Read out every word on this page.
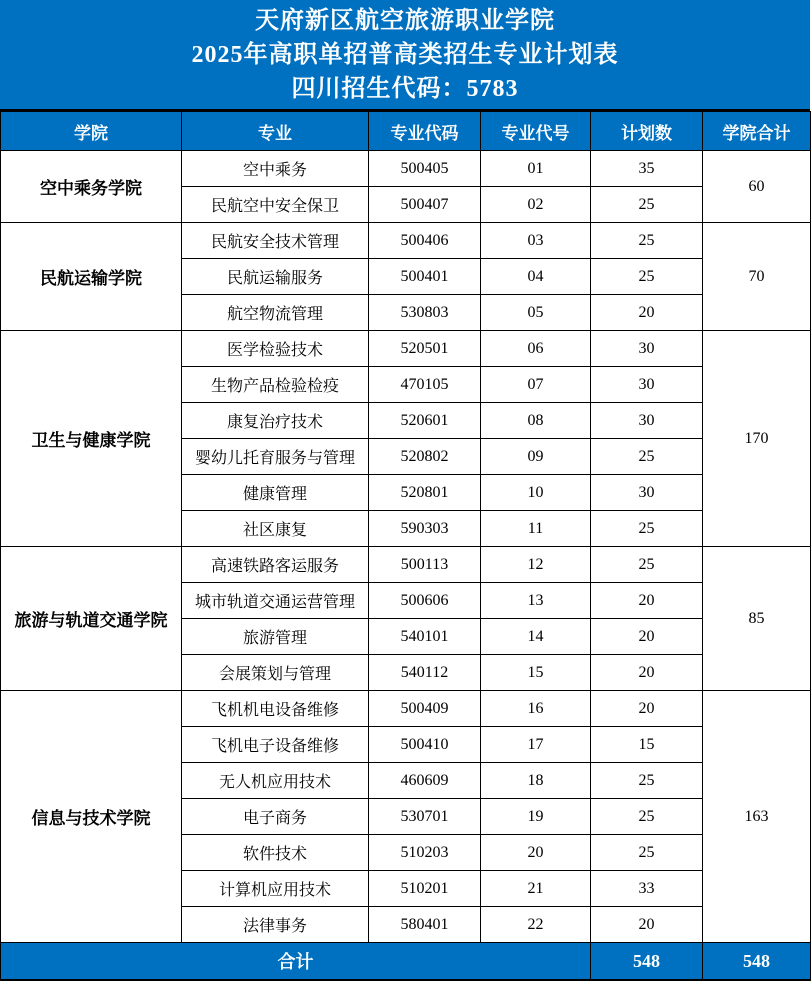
天府新区航空旅游职业学院
2025年高职单招普高类招生专业计划表
四川招生代码：5783
学院	专业	专业代码	专业代号	计划数	学院合计
空中乘务学院	空中乘务	500405	01	35	60
	民航空中安全保卫	500407	02	25	
民航运输学院	民航安全技术管理	500406	03	25	70
	民航运输服务	500401	04	25	
	航空物流管理	530803	05	20	
卫生与健康学院	医学检验技术	520501	06	30	170
	生物产品检验检疫	470105	07	30	
	康复治疗技术	520601	08	30	
	婴幼儿托育服务与管理	520802	09	25	
	健康管理	520801	10	30	
	社区康复	590303	11	25	
旅游与轨道交通学院	高速铁路客运服务	500113	12	25	85
	城市轨道交通运营管理	500606	13	20	
	旅游管理	540101	14	20	
	会展策划与管理	540112	15	20	
信息与技术学院	飞机机电设备维修	500409	16	20	163
	飞机电子设备维修	500410	17	15	
	无人机应用技术	460609	18	25	
	电子商务	530701	19	25	
	软件技术	510203	20	25	
	计算机应用技术	510201	21	33	
	法律事务	580401	22	20	
合计				548	548
